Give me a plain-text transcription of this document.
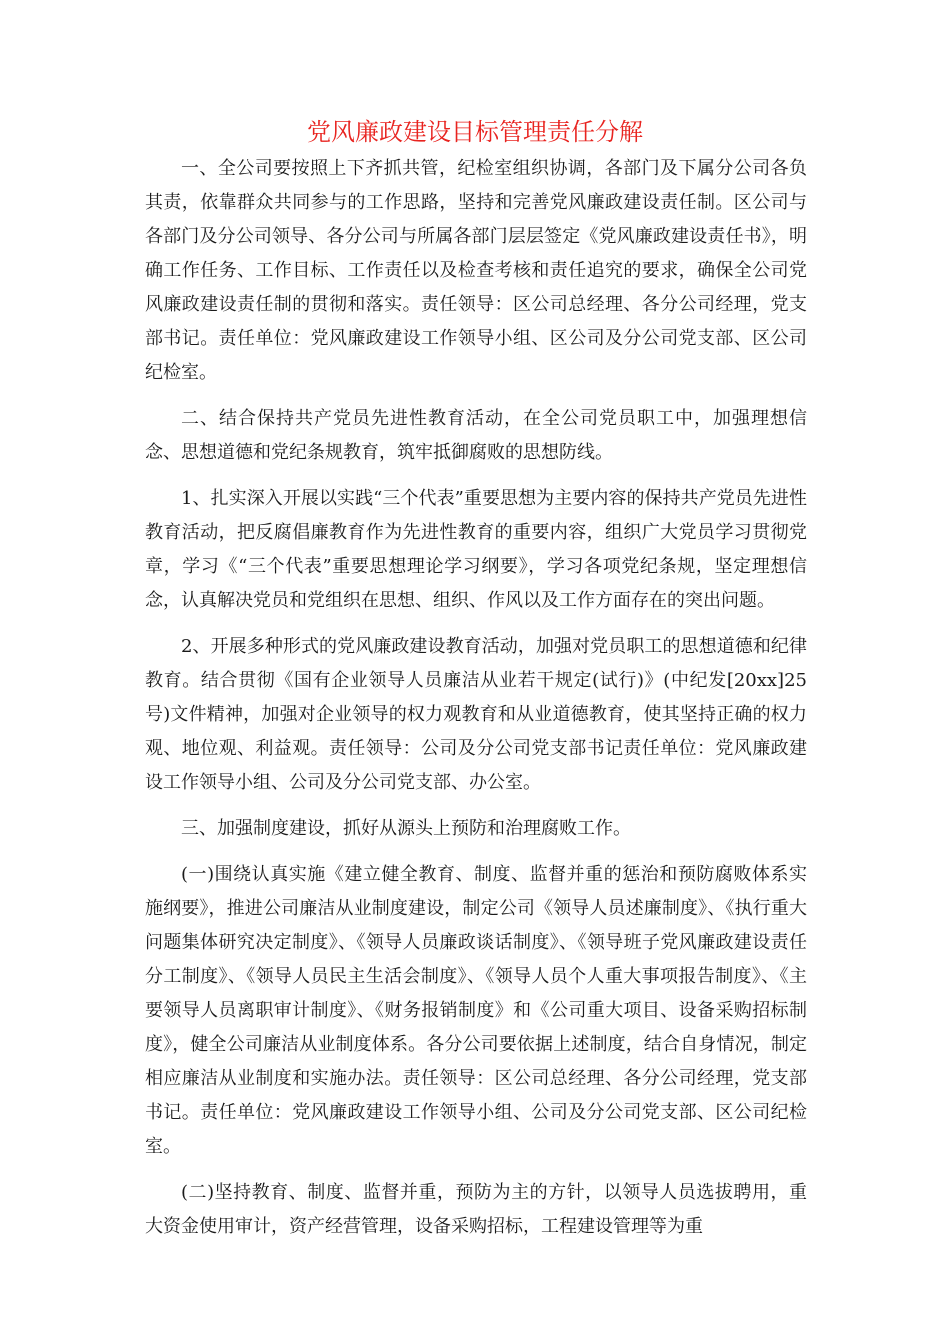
党风廉政建设目标管理责任分解

一、全公司要按照上下齐抓共管，纪检室组织协调，各部门及下属分公司各负其责，依靠群众共同参与的工作思路，坚持和完善党风廉政建设责任制。区公司与各部门及分公司领导、各分公司与所属各部门层层签定《党风廉政建设责任书》，明确工作任务、工作目标、工作责任以及检查考核和责任追究的要求，确保全公司党风廉政建设责任制的贯彻和落实。责任领导：区公司总经理、各分公司经理，党支部书记。责任单位：党风廉政建设工作领导小组、区公司及分公司党支部、区公司纪检室。

二、结合保持共产党员先进性教育活动，在全公司党员职工中，加强理想信念、思想道德和党纪条规教育，筑牢抵御腐败的思想防线。

1、扎实深入开展以实践“三个代表”重要思想为主要内容的保持共产党员先进性教育活动，把反腐倡廉教育作为先进性教育的重要内容，组织广大党员学习贯彻党章，学习《“三个代表”重要思想理论学习纲要》，学习各项党纪条规，坚定理想信念，认真解决党员和党组织在思想、组织、作风以及工作方面存在的突出问题。

2、开展多种形式的党风廉政建设教育活动，加强对党员职工的思想道德和纪律教育。结合贯彻《国有企业领导人员廉洁从业若干规定(试行)》(中纪发[20xx]25号)文件精神，加强对企业领导的权力观教育和从业道德教育，使其坚持正确的权力观、地位观、利益观。责任领导：公司及分公司党支部书记责任单位：党风廉政建设工作领导小组、公司及分公司党支部、办公室。

三、加强制度建设，抓好从源头上预防和治理腐败工作。

(一)围绕认真实施《建立健全教育、制度、监督并重的惩治和预防腐败体系实施纲要》，推进公司廉洁从业制度建设，制定公司《领导人员述廉制度》、《执行重大问题集体研究决定制度》、《领导人员廉政谈话制度》、《领导班子党风廉政建设责任分工制度》、《领导人员民主生活会制度》、《领导人员个人重大事项报告制度》、《主要领导人员离职审计制度》、《财务报销制度》和《公司重大项目、设备采购招标制度》，健全公司廉洁从业制度体系。各分公司要依据上述制度，结合自身情况，制定相应廉洁从业制度和实施办法。责任领导：区公司总经理、各分公司经理，党支部书记。责任单位：党风廉政建设工作领导小组、公司及分公司党支部、区公司纪检室。

(二)坚持教育、制度、监督并重，预防为主的方针，以领导人员选拔聘用，重大资金使用审计，资产经营管理，设备采购招标，工程建设管理等为重
